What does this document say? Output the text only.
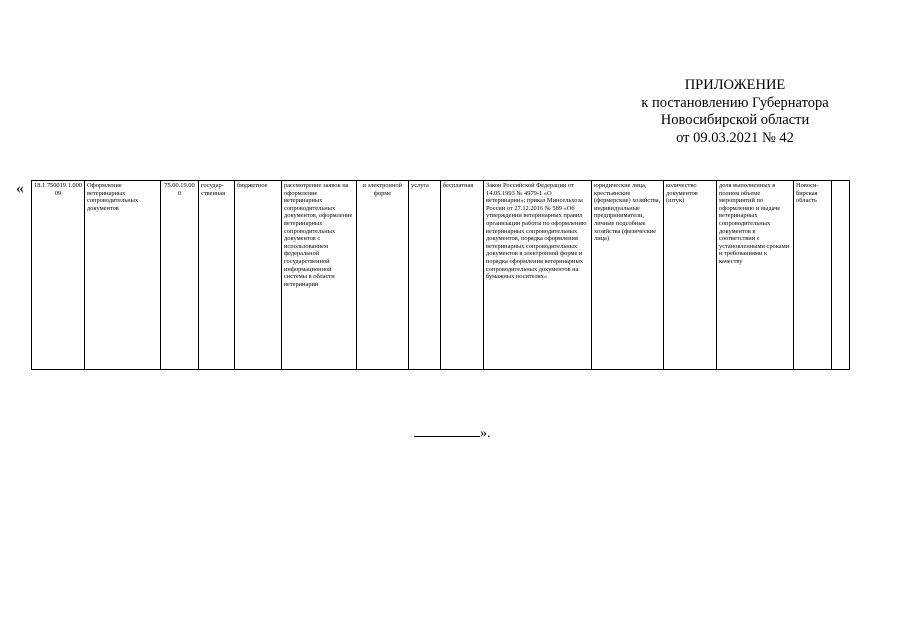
ПРИЛОЖЕНИЕ
к постановлению Губернатора
Новосибирской области
от 09.03.2021 № 42
« 18.1.750019.1.00009	Оформление ветеринарных сопроводительных документов	75.00.19.000	государ-ственная	бюджетное	рассмотрение заявок на оформление ветеринарных сопроводительных документов, оформление ветеринарных сопроводительных документов с использованием федеральной государственной информационной системы в области ветеринарии	в электронной форме	услуга	бесплатная	Закон Российской Федерации от 14.05.1993 № 4979-1 «О ветеринарии»; приказ Минсельхоза России от 27.12.2016 № 589 «Об утверждении ветеринарных правил организации работы по оформлению ветеринарных сопроводительных документов, порядка оформления ветеринарных сопроводительных документов в электронной форме и порядка оформления ветеринарных сопроводительных документов на бумажных носителях»	юридические лица, крестьянские (фермерские) хозяйства, индивидуальные предприниматели, личные подсобные хозяйства (физические лица)	количество документов (штук)	доля выполненных в полном объеме мероприятий по оформлению и выдаче ветеринарных сопроводительных документов в соответствии с установленными сроками и требованиями к качеству	Новоси-бирская область	
».
